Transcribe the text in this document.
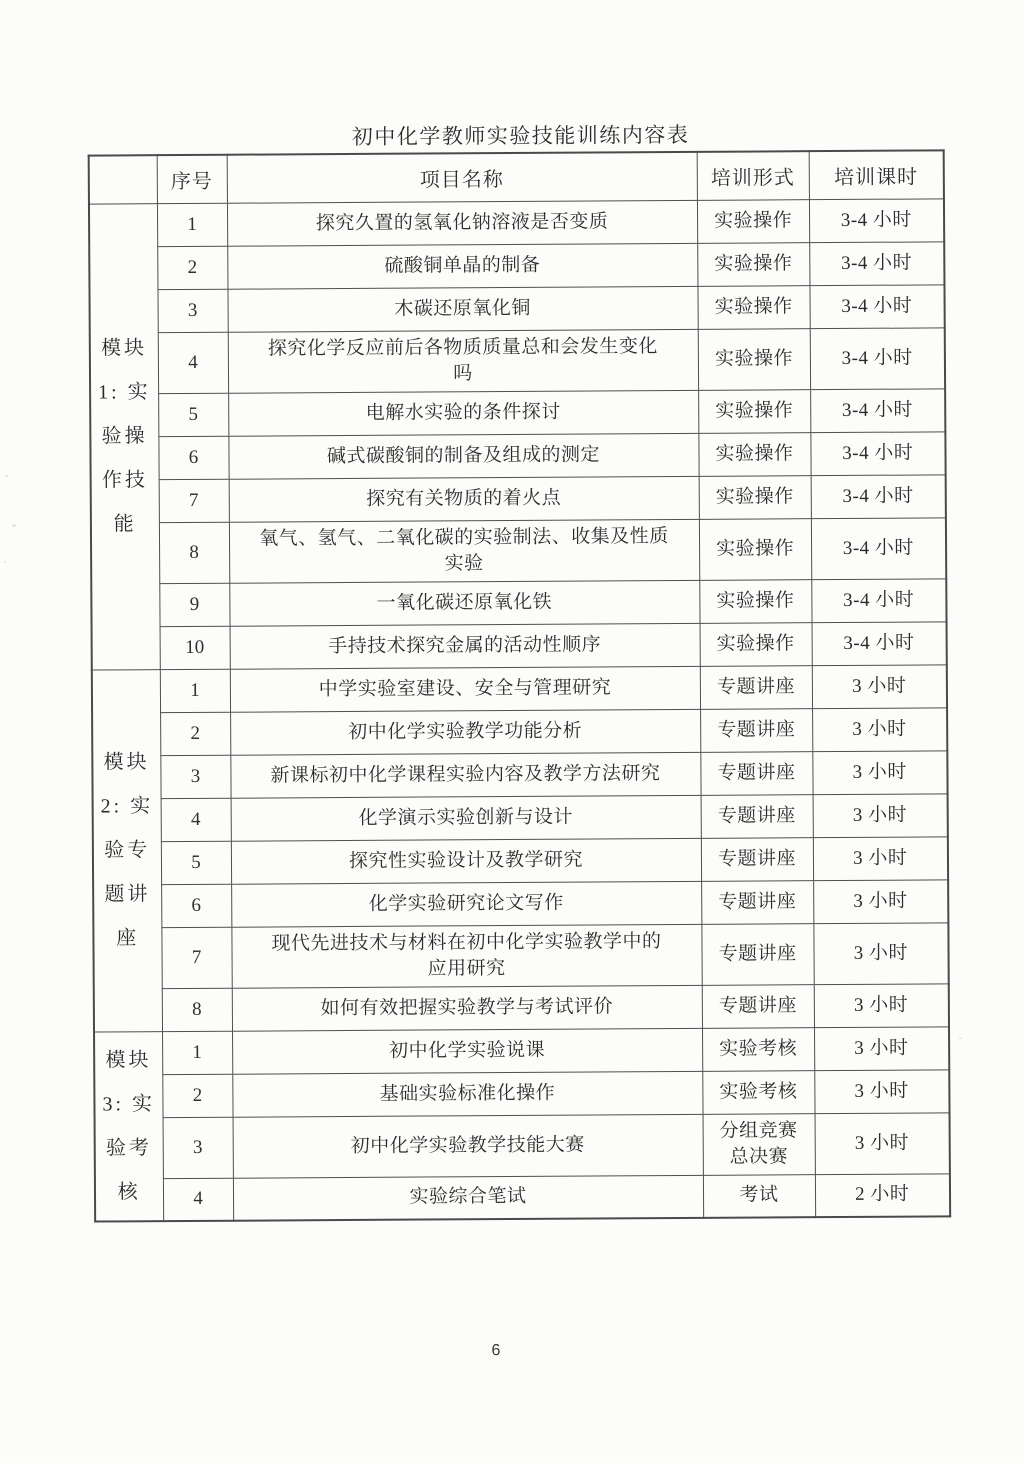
初中化学教师实验技能训练内容表
	序号	项目名称	培训形式	培训课时

模块
1: 实
验操
作技
能	1	探究久置的氢氧化钠溶液是否变质	实验操作	3-4 小时
	2	硫酸铜单晶的制备	实验操作	3-4 小时
	3	木碳还原氧化铜	实验操作	3-4 小时
	4	探究化学反应前后各物质质量总和会发生变化
吗	实验操作	3-4 小时
	5	电解水实验的条件探讨	实验操作	3-4 小时
	6	碱式碳酸铜的制备及组成的测定	实验操作	3-4 小时
	7	探究有关物质的着火点	实验操作	3-4 小时
	8	氧气、氢气、二氧化碳的实验制法、收集及性质
实验	实验操作	3-4 小时
	9	一氧化碳还原氧化铁	实验操作	3-4 小时
	10	手持技术探究金属的活动性顺序	实验操作	3-4 小时

模块
2: 实
验专
题讲
座	1	中学实验室建设、安全与管理研究	专题讲座	3 小时
	2	初中化学实验教学功能分析	专题讲座	3 小时
	3	新课标初中化学课程实验内容及教学方法研究	专题讲座	3 小时
	4	化学演示实验创新与设计	专题讲座	3 小时
	5	探究性实验设计及教学研究	专题讲座	3 小时
	6	化学实验研究论文写作	专题讲座	3 小时
	7	现代先进技术与材料在初中化学实验教学中的
应用研究	专题讲座	3 小时
	8	如何有效把握实验教学与考试评价	专题讲座	3 小时

模块
3: 实
验考
核	1	初中化学实验说课	实验考核	3 小时
	2	基础实验标准化操作	实验考核	3 小时
	3	初中化学实验教学技能大赛	分组竞赛
总决赛	3 小时
	4	实验综合笔试	考试	2 小时
6
